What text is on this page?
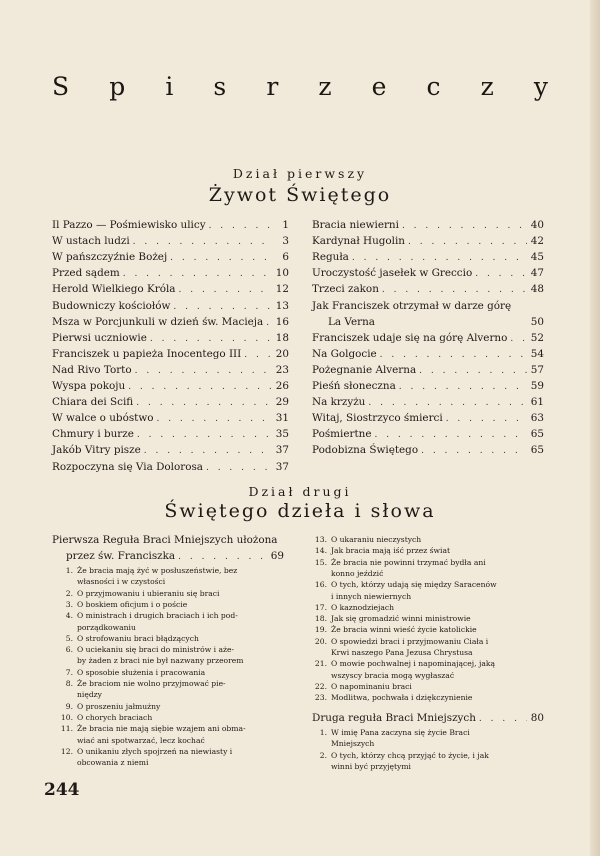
S p i s r z e c z y
Dział pierwszy
Żywot Świętego
Il Pazzo — Pośmiewisko ulicy . . .	1
W ustach ludzi . . .	3
W pańszczyźnie Bożej . . .	6
Przed sądem . . .	10
Herold Wielkiego Króla . . .	12
Budowniczy kościołów . . .	13
Msza w Porcjunkuli w dzień św. Macieja . . . 16
Pierwsi uczniowie . . .	18
Franciszek u papieża Inocentego III . . .	20
Nad Rivo Torto . . .	23
Wyspa pokoju . . .	26
Chiara dei Scifi . . .	29
W walce o ubóstwo . . .	31
Chmury i burze . . .	35
Jakób Vitry pisze . . .	37
Rozpoczyna się Via Dolorosa . . .	37
Bracia niewierni . . .	40
Kardynał Hugolin . . .	42
Reguła . . .	45
Uroczystość jasełek w Greccio . . .	47
Trzeci zakon . . .	48
Jak Franciszek otrzymał w darze górę
La Verna	50
Franciszek udaje się na górę Alverno . . . 52
Na Golgocie . . .	54
Pożegnanie Alverna . . .	57
Pieśń słoneczna . . .	59
Na krzyżu . . .	61
Witaj, Siostrzyco śmierci . . .	63
Pośmiertne . . .	65
Podobizna Świętego . . .	65
Dział drugi
Świętego dzieła i słowa
Pierwsza Reguła Braci Mniejszych ułożona
przez św. Franciszka . . .	69
1. Że bracia mają żyć w posłuszeństwie, bez
własności i w czystości
2. O przyjmowaniu i ubieraniu się braci
3. O boskiem oficjum i o poście
4. O ministrach i drugich braciach i ich pod-
porządkowaniu
5. O strofowaniu braci błądzących
6. O uciekaniu się braci do ministrów i aże-
by żaden z braci nie był nazwany przeorem
7. O sposobie służenia i pracowania
8. Że braciom nie wolno przyjmować pie-
niędzy
9. O proszeniu jałmużny
10. O chorych braciach
11. Że bracia nie mają siębie wzajem ani obma-
wiać ani spotwarzać, lecz kochać
12. O unikaniu złych spojrzeń na niewiasty i
obcowania z niemi
13. O ukaraniu nieczystych
14. Jak bracia mają iść przez świat
15. Że bracia nie powinni trzymać bydła ani
konno jeździć
16. O tych, którzy udają się między Saracenów
i innych niewiernych
17. O kaznodziejach
18. Jak się gromadzić winni ministrowie
19. Że bracia winni wieść życie katolickie
20. O spowiedzi braci i przyjmowaniu Ciała i
Krwi naszego Pana Jezusa Chrystusa
21. O mowie pochwalnej i napominającej, jaką
wszyscy bracia mogą wygłaszać
22. O napominaniu braci
23. Modlitwa, pochwała i dziękczynienie
Druga reguła Braci Mniejszych . . .	80
1. W imię Pana zaczyna się życie Braci
Mniejszych
2. O tych, którzy chcą przyjąć to życie, i jak
winni być przyjętymi
244
